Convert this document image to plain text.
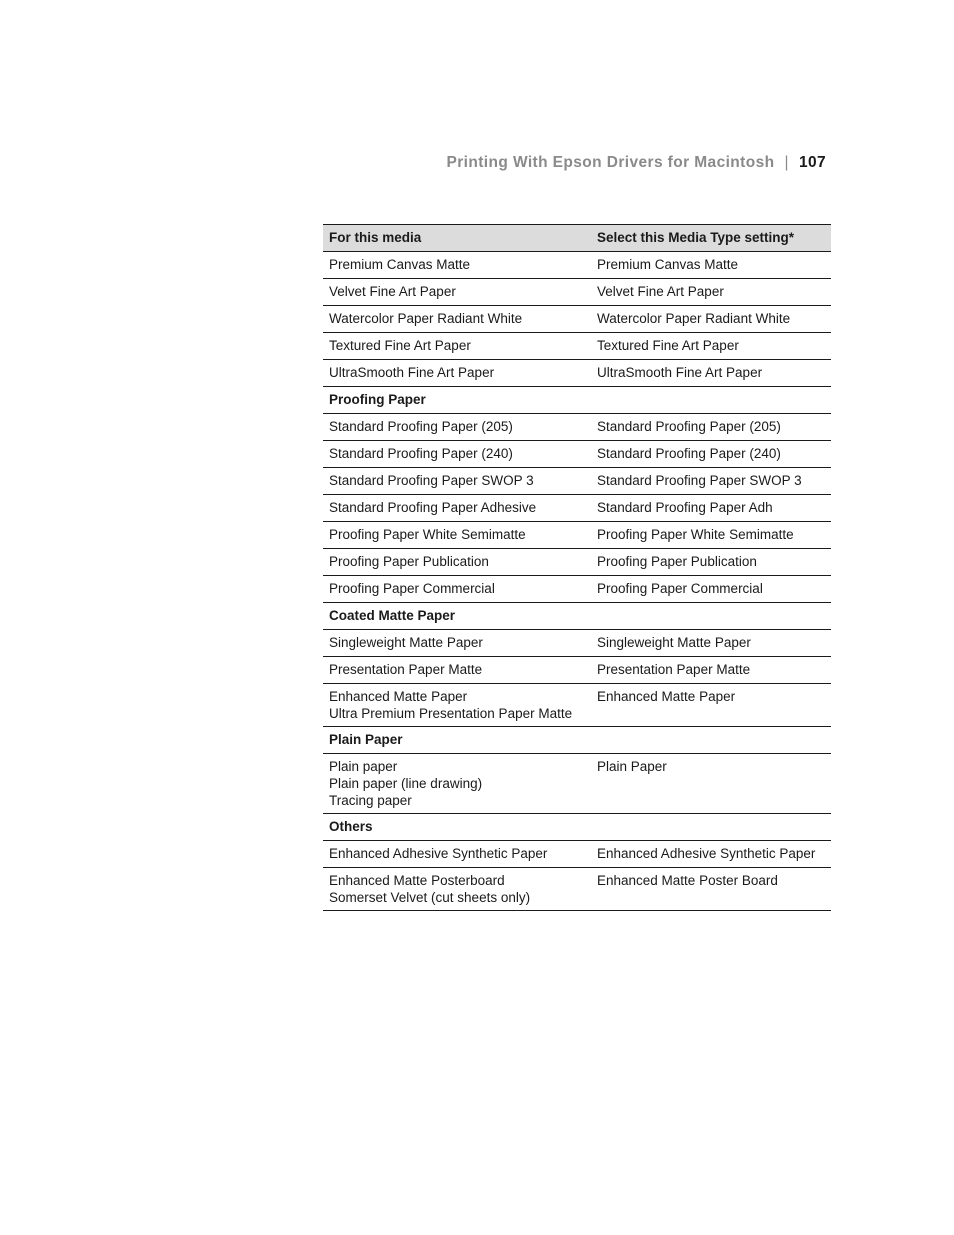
Printing With Epson Drivers for Macintosh | 107
For this media	Select this Media Type setting*

Premium Canvas Matte	Premium Canvas Matte

Velvet Fine Art Paper	Velvet Fine Art Paper

Watercolor Paper Radiant White	Watercolor Paper Radiant White

Textured Fine Art Paper	Textured Fine Art Paper

UltraSmooth Fine Art Paper	UltraSmooth Fine Art Paper
Proofing Paper	

Standard Proofing Paper (205)	Standard Proofing Paper (205)

Standard Proofing Paper (240)	Standard Proofing Paper (240)

Standard Proofing Paper SWOP 3	Standard Proofing Paper SWOP 3

Standard Proofing Paper Adhesive	Standard Proofing Paper Adh

Proofing Paper White Semimatte	Proofing Paper White Semimatte

Proofing Paper Publication	Proofing Paper Publication

Proofing Paper Commercial	Proofing Paper Commercial
Coated Matte Paper	

Singleweight Matte Paper	Singleweight Matte Paper

Presentation Paper Matte	Presentation Paper Matte

Enhanced Matte Paper
Ultra Premium Presentation Paper Matte	Enhanced Matte Paper
Plain Paper	

Plain paper
Plain paper (line drawing)
Tracing paper	Plain Paper
Others	

Enhanced Adhesive Synthetic Paper	Enhanced Adhesive Synthetic Paper

Enhanced Matte Posterboard
Somerset Velvet (cut sheets only)	Enhanced Matte Poster Board
